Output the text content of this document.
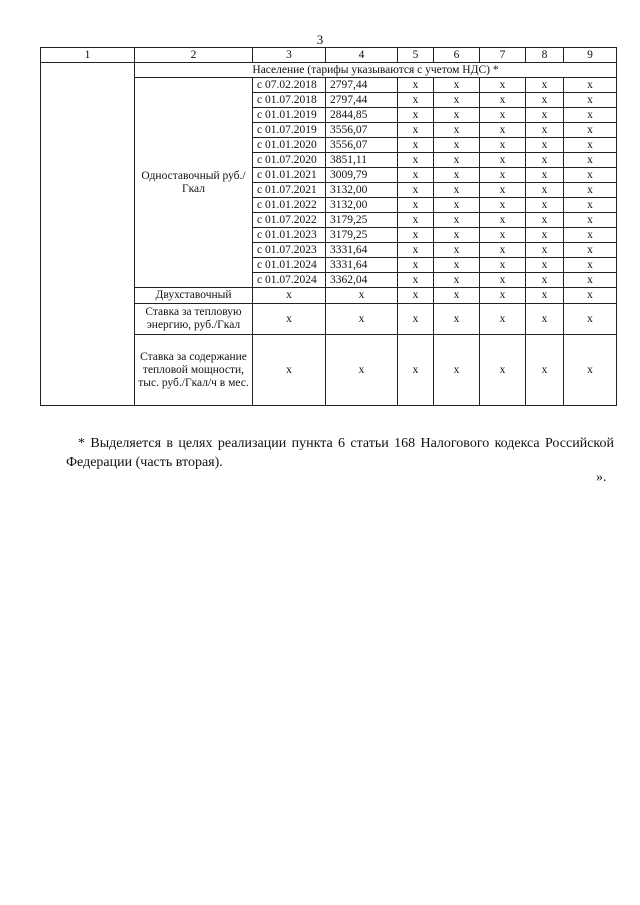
3
1	2	3	4	5	6	7	8	9
	Население (тарифы указываются с учетом НДС) *							
	Одноставочный руб./Гкал	с 07.02.2018	2797,44	х	х	х	х	х
		с 01.07.2018	2797,44	х	х	х	х	х
		с 01.01.2019	2844,85	х	х	х	х	х
		с 01.07.2019	3556,07	х	х	х	х	х
		с 01.01.2020	3556,07	х	х	х	х	х
		с 01.07.2020	3851,11	х	х	х	х	х
		с 01.01.2021	3009,79	х	х	х	х	х
		с 01.07.2021	3132,00	х	х	х	х	х
		с 01.01.2022	3132,00	х	х	х	х	х
		с 01.07.2022	3179,25	х	х	х	х	х
		с 01.01.2023	3179,25	х	х	х	х	х
		с 01.07.2023	3331,64	х	х	х	х	х
		с 01.01.2024	3331,64	х	х	х	х	х
		с 01.07.2024	3362,04	х	х	х	х	х
	Двухставочный	х	х	х	х	х	х	х
	Ставка за тепловую энергию, руб./Гкал	х	х	х	х	х	х	х
	Ставка за содержание тепловой мощности, тыс. руб./Гкал/ч в мес.	х	х	х	х	х	х	х
* Выделяется в целях реализации пункта 6 статьи 168 Налогового кодекса Российской Федерации (часть вторая).
».
